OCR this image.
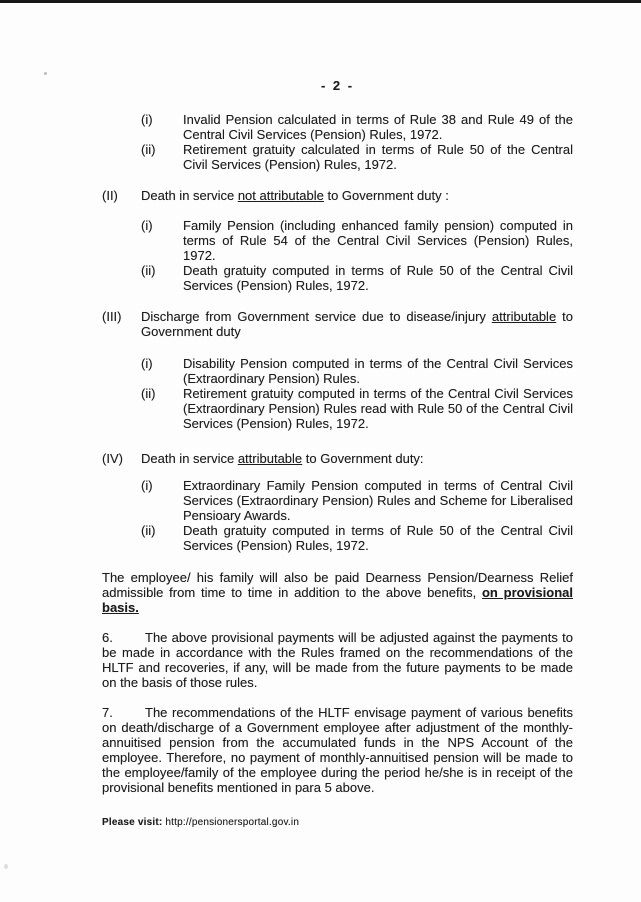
- 2 -
(i)	Invalid Pension calculated in terms of Rule 38 and Rule 49 of the Central Civil Services (Pension) Rules, 1972.
(ii)	Retirement gratuity calculated in terms of Rule 50 of the Central Civil Services (Pension) Rules, 1972.
(II)	Death in service not attributable to Government duty :
(i)	Family Pension (including enhanced family pension) computed in terms of Rule 54 of the Central Civil Services (Pension) Rules, 1972.
(ii)	Death gratuity computed in terms of Rule 50 of the Central Civil Services (Pension) Rules, 1972.
(III)	Discharge from Government service due to disease/injury attributable to Government duty
(i)	Disability Pension computed in terms of the Central Civil Services (Extraordinary Pension) Rules.
(ii)	Retirement gratuity computed in terms of the Central Civil Services (Extraordinary Pension) Rules read with Rule 50 of the Central Civil Services (Pension) Rules, 1972.
(IV)	Death in service attributable to Government duty:
(i)	Extraordinary Family Pension computed in terms of Central Civil Services (Extraordinary Pension) Rules and Scheme for Liberalised Pensioary Awards.
(ii)	Death gratuity computed in terms of Rule 50 of the Central Civil Services (Pension) Rules, 1972.

The employee/ his family will also be paid Dearness Pension/Dearness Relief admissible from time to time in addition to the above benefits, on provisional basis.

6. The above provisional payments will be adjusted against the payments to be made in accordance with the Rules framed on the recommendations of the HLTF and recoveries, if any, will be made from the future payments to be made on the basis of those rules.

7. The recommendations of the HLTF envisage payment of various benefits on death/discharge of a Government employee after adjustment of the monthly-annuitised pension from the accumulated funds in the NPS Account of the employee. Therefore, no payment of monthly-annuitised pension will be made to the employee/family of the employee during the period he/she is in receipt of the provisional benefits mentioned in para 5 above.

Please visit: http://pensionersportal.gov.in
